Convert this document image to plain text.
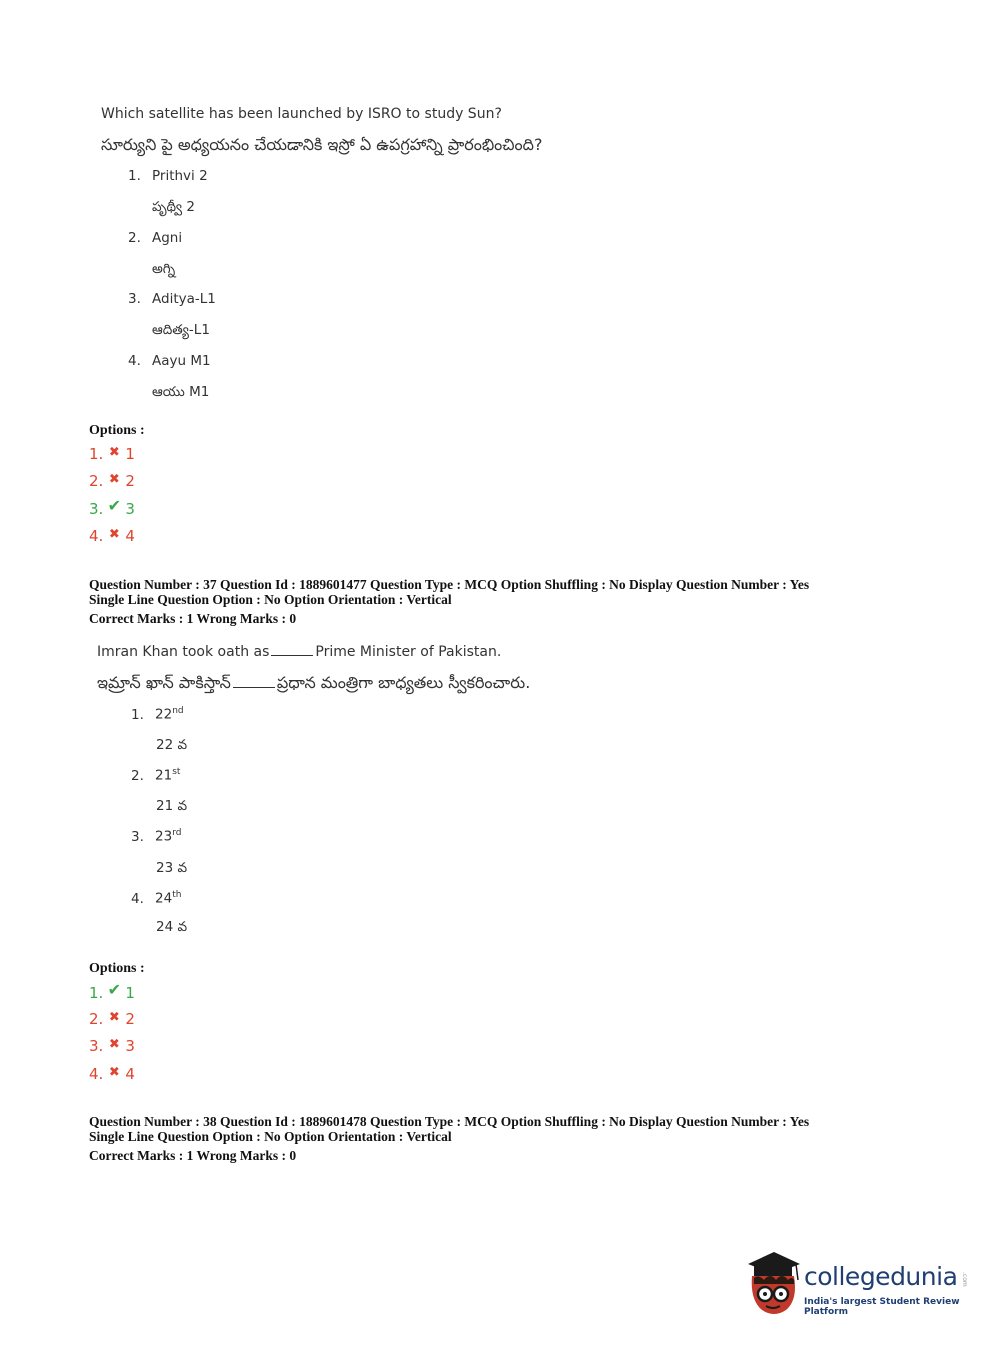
Which satellite has been launched by ISRO to study Sun?
సూర్యుని పై అధ్యయనం చేయడానికి ఇస్రో ఏ ఉపగ్రహాన్ని ప్రారంభించింది?
1. Prithvi 2
పృథ్వీ 2
2. Agni
అగ్ని
3. Aditya-L1
ఆదిత్య-L1
4. Aayu M1
ఆయు M1
Options :
1. ✖ 1
2. ✖ 2
3. ✔ 3
4. ✖ 4
Question Number : 37 Question Id : 1889601477 Question Type : MCQ Option Shuffling : No Display Question Number : Yes
Single Line Question Option : No Option Orientation : Vertical
Correct Marks : 1 Wrong Marks : 0
Imran Khan took oath as	Prime Minister of Pakistan.
ఇమ్రాన్ ఖాన్ పాకిస్తాన్	ప్రధాన మంత్రిగా బాధ్యతలు స్వీకరించారు.
1. 22nd
22 వ
2. 21st
21 వ
3. 23rd
23 వ
4. 24th
24 వ
Options :
1. ✔ 1
2. ✖ 2
3. ✖ 3
4. ✖ 4
Question Number : 38 Question Id : 1889601478 Question Type : MCQ Option Shuffling : No Display Question Number : Yes
Single Line Question Option : No Option Orientation : Vertical
Correct Marks : 1 Wrong Marks : 0
collegedunia .com
India's largest Student Review Platform
